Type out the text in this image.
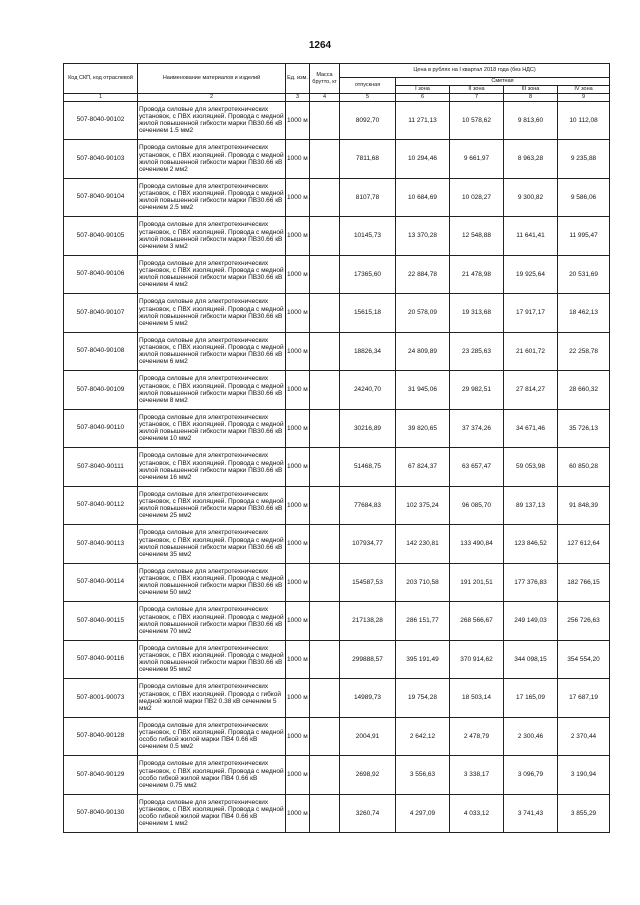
1264
Код СКП, код отраслевой	Наименование материалов и изделий	Ед. изм.	Масса брутто, кг	Цена в рублях на I квартал 2018 года (без НДС)				
				отпускная	Сметная			
					I зона	II зона	III зона	IV зона
1	2	3	4	5	6	7	8	9
507-8040-90102	Провода силовые для электротехнических установок, с ПВХ изоляцией. Провода с медной жилой повышенной гибкости марки ПВ30.66 кВ сечением 1.5 мм2	1000 м		8092,70	11 271,13	10 578,62	9 813,60	10 112,08
507-8040-90103	Провода силовые для электротехнических установок, с ПВХ изоляцией. Провода с медной жилой повышенной гибкости марки ПВ30.66 кВ сечением 2 мм2	1000 м		7811,68	10 294,46	9 661,97	8 963,28	9 235,88
507-8040-90104	Провода силовые для электротехнических установок, с ПВХ изоляцией. Провода с медной жилой повышенной гибкости марки ПВ30.66 кВ сечением 2.5 мм2	1000 м		8107,78	10 684,69	10 028,27	9 300,82	9 586,06
507-8040-90105	Провода силовые для электротехнических установок, с ПВХ изоляцией. Провода с медной жилой повышенной гибкости марки ПВ30.66 кВ сечением 3 мм2	1000 м		10145,73	13 370,28	12 548,88	11 641,41	11 995,47
507-8040-90106	Провода силовые для электротехнических установок, с ПВХ изоляцией. Провода с медной жилой повышенной гибкости марки ПВ30.66 кВ сечением 4 мм2	1000 м		17365,60	22 884,78	21 478,98	19 925,64	20 531,69
507-8040-90107	Провода силовые для электротехнических установок, с ПВХ изоляцией. Провода с медной жилой повышенной гибкости марки ПВ30.66 кВ сечением 5 мм2	1000 м		15615,18	20 578,09	19 313,68	17 917,17	18 462,13
507-8040-90108	Провода силовые для электротехнических установок, с ПВХ изоляцией. Провода с медной жилой повышенной гибкости марки ПВ30.66 кВ сечением 6 мм2	1000 м		18826,34	24 809,89	23 285,63	21 601,72	22 258,78
507-8040-90109	Провода силовые для электротехнических установок, с ПВХ изоляцией. Провода с медной жилой повышенной гибкости марки ПВ30.66 кВ сечением 8 мм2	1000 м		24240,70	31 945,06	29 982,51	27 814,27	28 660,32
507-8040-90110	Провода силовые для электротехнических установок, с ПВХ изоляцией. Провода с медной жилой повышенной гибкости марки ПВ30.66 кВ сечением 10 мм2	1000 м		30216,89	39 820,65	37 374,26	34 671,46	35 726,13
507-8040-90111	Провода силовые для электротехнических установок, с ПВХ изоляцией. Провода с медной жилой повышенной гибкости марки ПВ30.66 кВ сечением 16 мм2	1000 м		51468,75	67 824,37	63 657,47	59 053,98	60 850,28
507-8040-90112	Провода силовые для электротехнических установок, с ПВХ изоляцией. Провода с медной жилой повышенной гибкости марки ПВ30.66 кВ сечением 25 мм2	1000 м		77684,83	102 375,24	96 085,70	89 137,13	91 848,39
507-8040-90113	Провода силовые для электротехнических установок, с ПВХ изоляцией. Провода с медной жилой повышенной гибкости марки ПВ30.66 кВ сечением 35 мм2	1000 м		107934,77	142 230,81	133 490,84	123 846,52	127 612,64
507-8040-90114	Провода силовые для электротехнических установок, с ПВХ изоляцией. Провода с медной жилой повышенной гибкости марки ПВ30.66 кВ сечением 50 мм2	1000 м		154587,53	203 710,58	191 201,51	177 376,83	182 766,15
507-8040-90115	Провода силовые для электротехнических установок, с ПВХ изоляцией. Провода с медной жилой повышенной гибкости марки ПВ30.66 кВ сечением 70 мм2	1000 м		217138,28	286 151,77	268 566,67	249 149,03	256 726,63
507-8040-90116	Провода силовые для электротехнических установок, с ПВХ изоляцией. Провода с медной жилой повышенной гибкости марки ПВ30.66 кВ сечением 95 мм2	1000 м		299888,57	395 191,49	370 914,62	344 098,15	354 554,20
507-8001-90073	Провода силовые для электротехнических установок, с ПВХ изоляцией. Провода с гибкой медной жилой марки ПВ2 0.38 кВ сечением 5 мм2	1000 м		14989,73	19 754,28	18 503,14	17 165,09	17 687,19
507-8040-90128	Провода силовые для электротехнических установок, с ПВХ изоляцией. Провода с медной особо гибкой жилой марки ПВ4 0.66 кВ сечением 0.5 мм2	1000 м		2004,91	2 642,12	2 478,79	2 300,46	2 370,44
507-8040-90129	Провода силовые для электротехнических установок, с ПВХ изоляцией. Провода с медной особо гибкой жилой марки ПВ4 0.66 кВ сечением 0.75 мм2	1000 м		2698,92	3 556,63	3 338,17	3 096,79	3 190,94
507-8040-90130	Провода силовые для электротехнических установок, с ПВХ изоляцией. Провода с медной особо гибкой жилой марки ПВ4 0.66 кВ сечением 1 мм2	1000 м		3260,74	4 297,09	4 033,12	3 741,43	3 855,29
